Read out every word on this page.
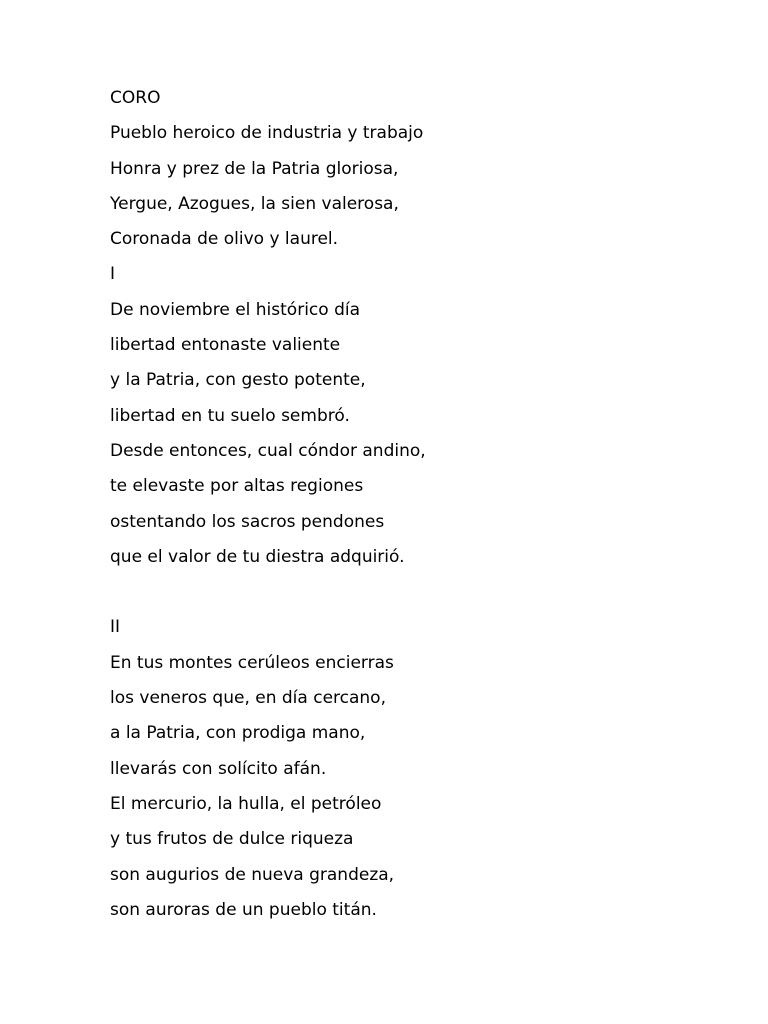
CORO
Pueblo heroico de industria y trabajo
Honra y prez de la Patria gloriosa,
Yergue, Azogues, la sien valerosa,
Coronada de olivo y laurel.
I
De noviembre el histórico día
libertad entonaste valiente
y la Patria, con gesto potente,
libertad en tu suelo sembró.
Desde entonces, cual cóndor andino,
te elevaste por altas regiones
ostentando los sacros pendones
que el valor de tu diestra adquirió.
II
En tus montes cerúleos encierras
los veneros que, en día cercano,
a la Patria, con prodiga mano,
llevarás con solícito afán.
El mercurio, la hulla, el petróleo
y tus frutos de dulce riqueza
son augurios de nueva grandeza,
son auroras de un pueblo titán.
